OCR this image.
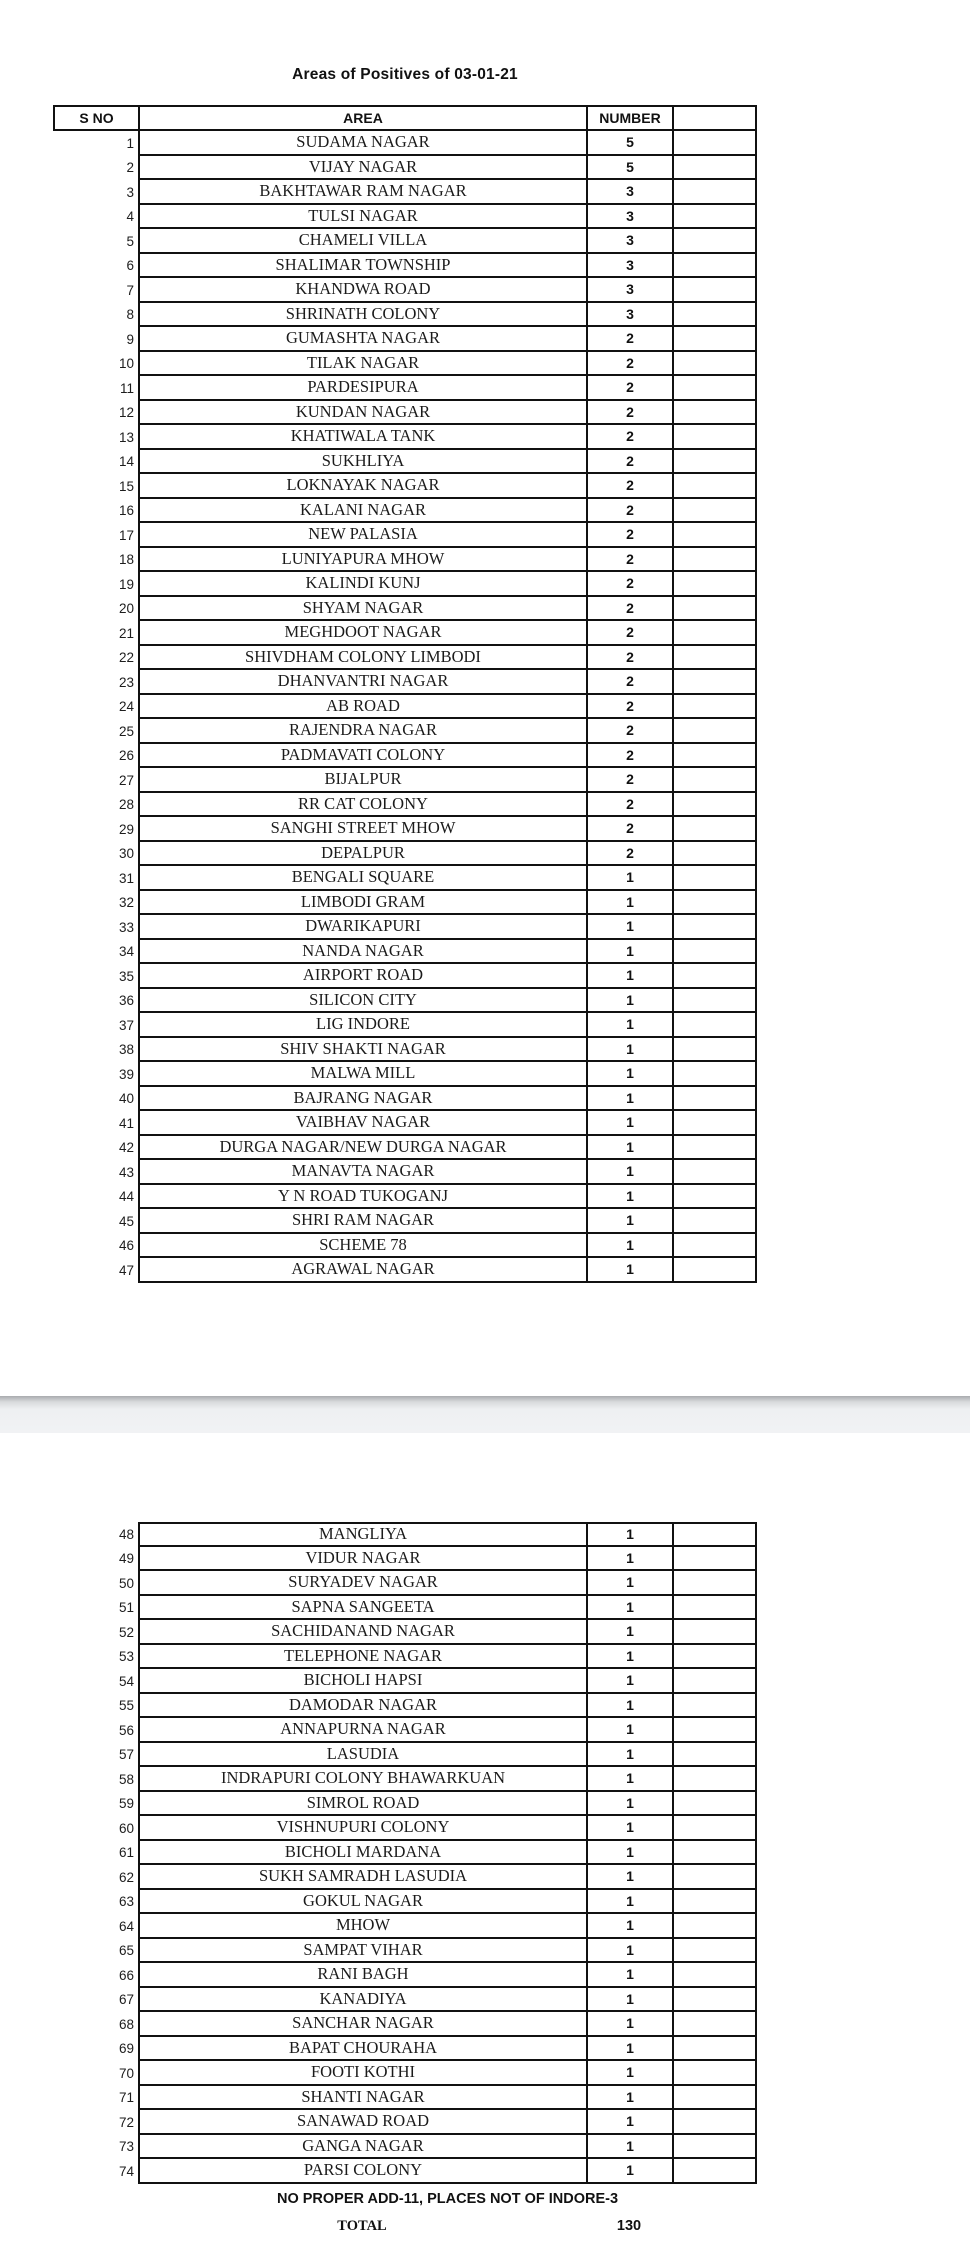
Areas of Positives of 03-01-21
S NO	AREA	NUMBER
1	SUDAMA NAGAR	5
2	VIJAY NAGAR	5
3	BAKHTAWAR RAM NAGAR	3
4	TULSI NAGAR	3
5	CHAMELI VILLA	3
6	SHALIMAR TOWNSHIP	3
7	KHANDWA ROAD	3
8	SHRINATH COLONY	3
9	GUMASHTA NAGAR	2
10	TILAK NAGAR	2
11	PARDESIPURA	2
12	KUNDAN NAGAR	2
13	KHATIWALA TANK	2
14	SUKHLIYA	2
15	LOKNAYAK NAGAR	2
16	KALANI NAGAR	2
17	NEW PALASIA	2
18	LUNIYAPURA MHOW	2
19	KALINDI KUNJ	2
20	SHYAM NAGAR	2
21	MEGHDOOT NAGAR	2
22	SHIVDHAM COLONY LIMBODI	2
23	DHANVANTRI NAGAR	2
24	AB ROAD	2
25	RAJENDRA NAGAR	2
26	PADMAVATI COLONY	2
27	BIJALPUR	2
28	RR CAT COLONY	2
29	SANGHI STREET MHOW	2
30	DEPALPUR	2
31	BENGALI SQUARE	1
32	LIMBODI GRAM	1
33	DWARIKAPURI	1
34	NANDA NAGAR	1
35	AIRPORT ROAD	1
36	SILICON CITY	1
37	LIG INDORE	1
38	SHIV SHAKTI NAGAR	1
39	MALWA MILL	1
40	BAJRANG NAGAR	1
41	VAIBHAV NAGAR	1
42	DURGA NAGAR/NEW DURGA NAGAR	1
43	MANAVTA NAGAR	1
44	Y N ROAD TUKOGANJ	1
45	SHRI RAM NAGAR	1
46	SCHEME 78	1
47	AGRAWAL NAGAR	1
48	MANGLIYA	1
49	VIDUR NAGAR	1
50	SURYADEV NAGAR	1
51	SAPNA SANGEETA	1
52	SACHIDANAND NAGAR	1
53	TELEPHONE NAGAR	1
54	BICHOLI HAPSI	1
55	DAMODAR NAGAR	1
56	ANNAPURNA NAGAR	1
57	LASUDIA	1
58	INDRAPURI COLONY BHAWARKUAN	1
59	SIMROL ROAD	1
60	VISHNUPURI COLONY	1
61	BICHOLI MARDANA	1
62	SUKH SAMRADH LASUDIA	1
63	GOKUL NAGAR	1
64	MHOW	1
65	SAMPAT VIHAR	1
66	RANI BAGH	1
67	KANADIYA	1
68	SANCHAR NAGAR	1
69	BAPAT CHOURAHA	1
70	FOOTI KOTHI	1
71	SHANTI NAGAR	1
72	SANAWAD ROAD	1
73	GANGA NAGAR	1
74	PARSI COLONY	1
NO PROPER ADD-11, PLACES NOT OF INDORE-3
TOTAL	130
